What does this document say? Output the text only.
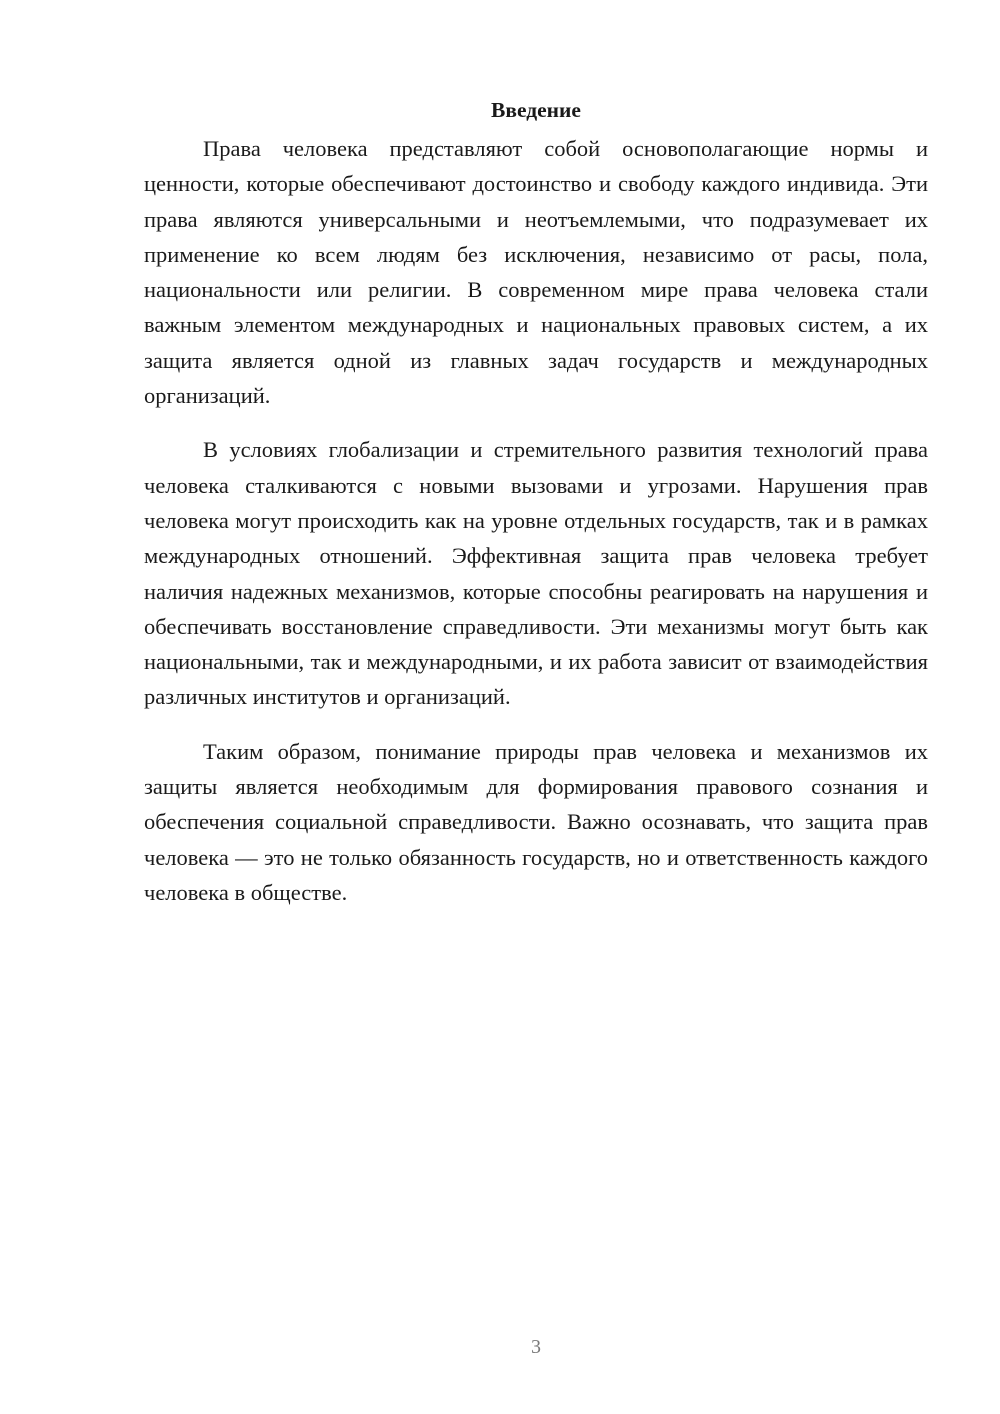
Введение

Права человека представляют собой основополагающие нормы и ценности, которые обеспечивают достоинство и свободу каждого индивида. Эти права являются универсальными и неотъемлемыми, что подразумевает их применение ко всем людям без исключения, независимо от расы, пола, национальности или религии. В современном мире права человека стали важным элементом международных и национальных правовых систем, а их защита является одной из главных задач государств и международных организаций.

В условиях глобализации и стремительного развития технологий права человека сталкиваются с новыми вызовами и угрозами. Нарушения прав человека могут происходить как на уровне отдельных государств, так и в рамках международных отношений. Эффективная защита прав человека требует наличия надежных механизмов, которые способны реагировать на нарушения и обеспечивать восстановление справедливости. Эти механизмы могут быть как национальными, так и международными, и их работа зависит от взаимодействия различных институтов и организаций.

Таким образом, понимание природы прав человека и механизмов их защиты является необходимым для формирования правового сознания и обеспечения социальной справедливости. Важно осознавать, что защита прав человека — это не только обязанность государств, но и ответственность каждого человека в обществе.

3
